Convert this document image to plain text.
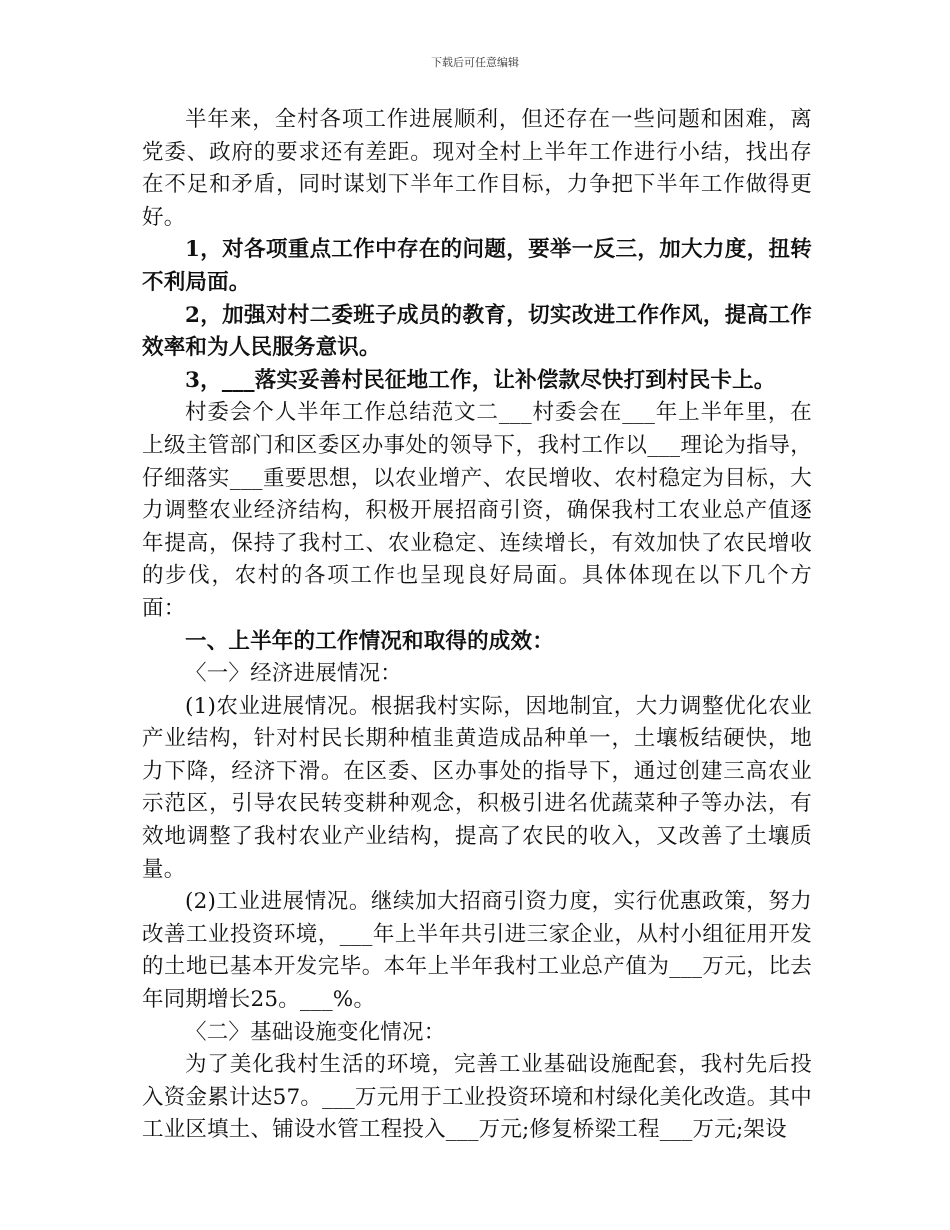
下载后可任意编辑

半年来，全村各项工作进展顺利，但还存在一些问题和困难，离党委、政府的要求还有差距。现对全村上半年工作进行小结，找出存在不足和矛盾，同时谋划下半年工作目标，力争把下半年工作做得更好。

1，对各项重点工作中存在的问题，要举一反三，加大力度，扭转不利局面。

2，加强对村二委班子成员的教育，切实改进工作作风，提高工作效率和为人民服务意识。

3，___落实妥善村民征地工作，让补偿款尽快打到村民卡上。

村委会个人半年工作总结范文二___村委会在___年上半年里，在上级主管部门和区委区办事处的领导下，我村工作以___理论为指导，仔细落实___重要思想，以农业增产、农民增收、农村稳定为目标，大力调整农业经济结构，积极开展招商引资，确保我村工农业总产值逐年提高，保持了我村工、农业稳定、连续增长，有效加快了农民增收的步伐，农村的各项工作也呈现良好局面。具体体现在以下几个方面：

一、上半年的工作情况和取得的成效：

〈一〉经济进展情况：

(1)农业进展情况。根据我村实际，因地制宜，大力调整优化农业产业结构，针对村民长期种植韭黄造成品种单一，土壤板结硬快，地力下降，经济下滑。在区委、区办事处的指导下，通过创建三高农业示范区，引导农民转变耕种观念，积极引进名优蔬菜种子等办法，有效地调整了我村农业产业结构，提高了农民的收入，又改善了土壤质量。

(2)工业进展情况。继续加大招商引资力度，实行优惠政策，努力改善工业投资环境，___年上半年共引进三家企业，从村小组征用开发的土地已基本开发完毕。本年上半年我村工业总产值为___万元，比去年同期增长25。___%。

〈二〉基础设施变化情况：

为了美化我村生活的环境，完善工业基础设施配套，我村先后投入资金累计达57。___万元用于工业投资环境和村绿化美化改造。其中工业区填土、铺设水管工程投入___万元;修复桥梁工程___万元;架设
